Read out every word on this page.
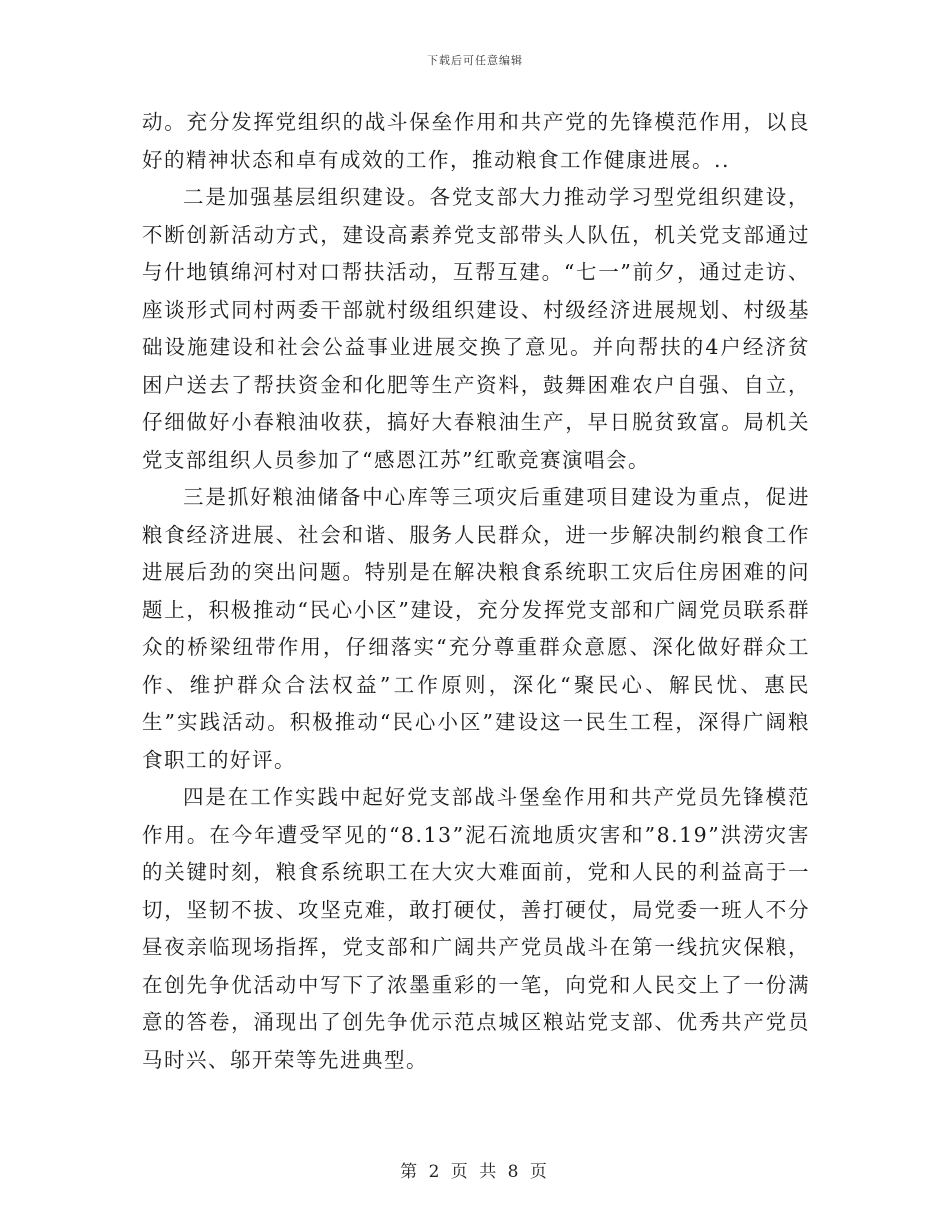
下载后可任意编辑

动。充分发挥党组织的战斗保垒作用和共产党的先锋模范作用，以良好的精神状态和卓有成效的工作，推动粮食工作健康进展。..

二是加强基层组织建设。各党支部大力推动学习型党组织建设，不断创新活动方式，建设高素养党支部带头人队伍，机关党支部通过与什地镇绵河村对口帮扶活动，互帮互建。“七一”前夕，通过走访、座谈形式同村两委干部就村级组织建设、村级经济进展规划、村级基础设施建设和社会公益事业进展交换了意见。并向帮扶的4户经济贫困户送去了帮扶资金和化肥等生产资料，鼓舞困难农户自强、自立，仔细做好小春粮油收获，搞好大春粮油生产，早日脱贫致富。局机关党支部组织人员参加了“感恩江苏”红歌竞赛演唱会。

三是抓好粮油储备中心库等三项灾后重建项目建设为重点，促进粮食经济进展、社会和谐、服务人民群众，进一步解决制约粮食工作进展后劲的突出问题。特别是在解决粮食系统职工灾后住房困难的问题上，积极推动“民心小区”建设，充分发挥党支部和广阔党员联系群众的桥梁纽带作用，仔细落实“充分尊重群众意愿、深化做好群众工作、维护群众合法权益”工作原则，深化“聚民心、解民忧、惠民生”实践活动。积极推动“民心小区”建设这一民生工程，深得广阔粮食职工的好评。

四是在工作实践中起好党支部战斗堡垒作用和共产党员先锋模范作用。在今年遭受罕见的“8.13”泥石流地质灾害和”8.19”洪涝灾害的关键时刻，粮食系统职工在大灾大难面前，党和人民的利益高于一切，坚韧不拔、攻坚克难，敢打硬仗，善打硬仗，局党委一班人不分昼夜亲临现场指挥，党支部和广阔共产党员战斗在第一线抗灾保粮，在创先争优活动中写下了浓墨重彩的一笔，向党和人民交上了一份满意的答卷，涌现出了创先争优示范点城区粮站党支部、优秀共产党员马时兴、邬开荣等先进典型。

第 2 页 共 8 页
